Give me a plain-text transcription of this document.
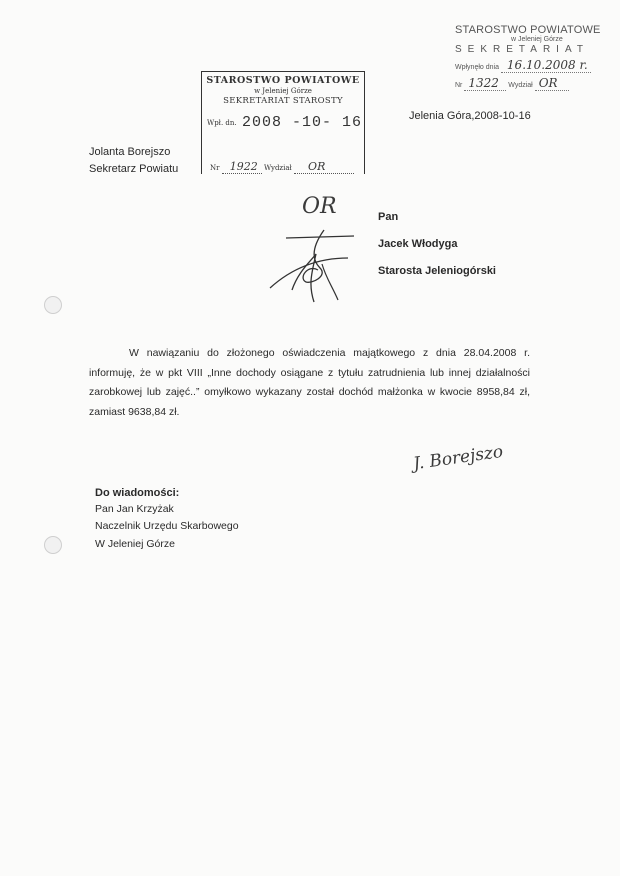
STAROSTWO POWIATOWE
w Jeleniej Górze
SEKRETARIAT
Wpłynęło dnia 16.10.2008 r.
Nr 1322 Wydział OR
STAROSTWO POWIATOWE
w Jeleniej Górze
SEKRETARIAT STAROSTY
Wpł. dn. 2008 -10- 16
Nr 1922 Wydział OR
Jelenia Góra,2008-10-16
Jolanta Borejszo
Sekretarz Powiatu
Pan
Jacek Włodyga
Starosta Jeleniogórski
OR

W nawiązaniu do złożonego oświadczenia majątkowego z dnia 28.04.2008 r. informuję, że w pkt VIII „Inne dochody osiągane z tytułu zatrudnienia lub innej działalności zarobkowej lub zajęć..” omyłkowo wykazany został dochód małżonka w kwocie 8958,84 zł, zamiast 9638,84 zł.

J. Borejszo
Do wiadomości:
Pan Jan Krzyżak
Naczelnik Urzędu Skarbowego
W Jeleniej Górze
